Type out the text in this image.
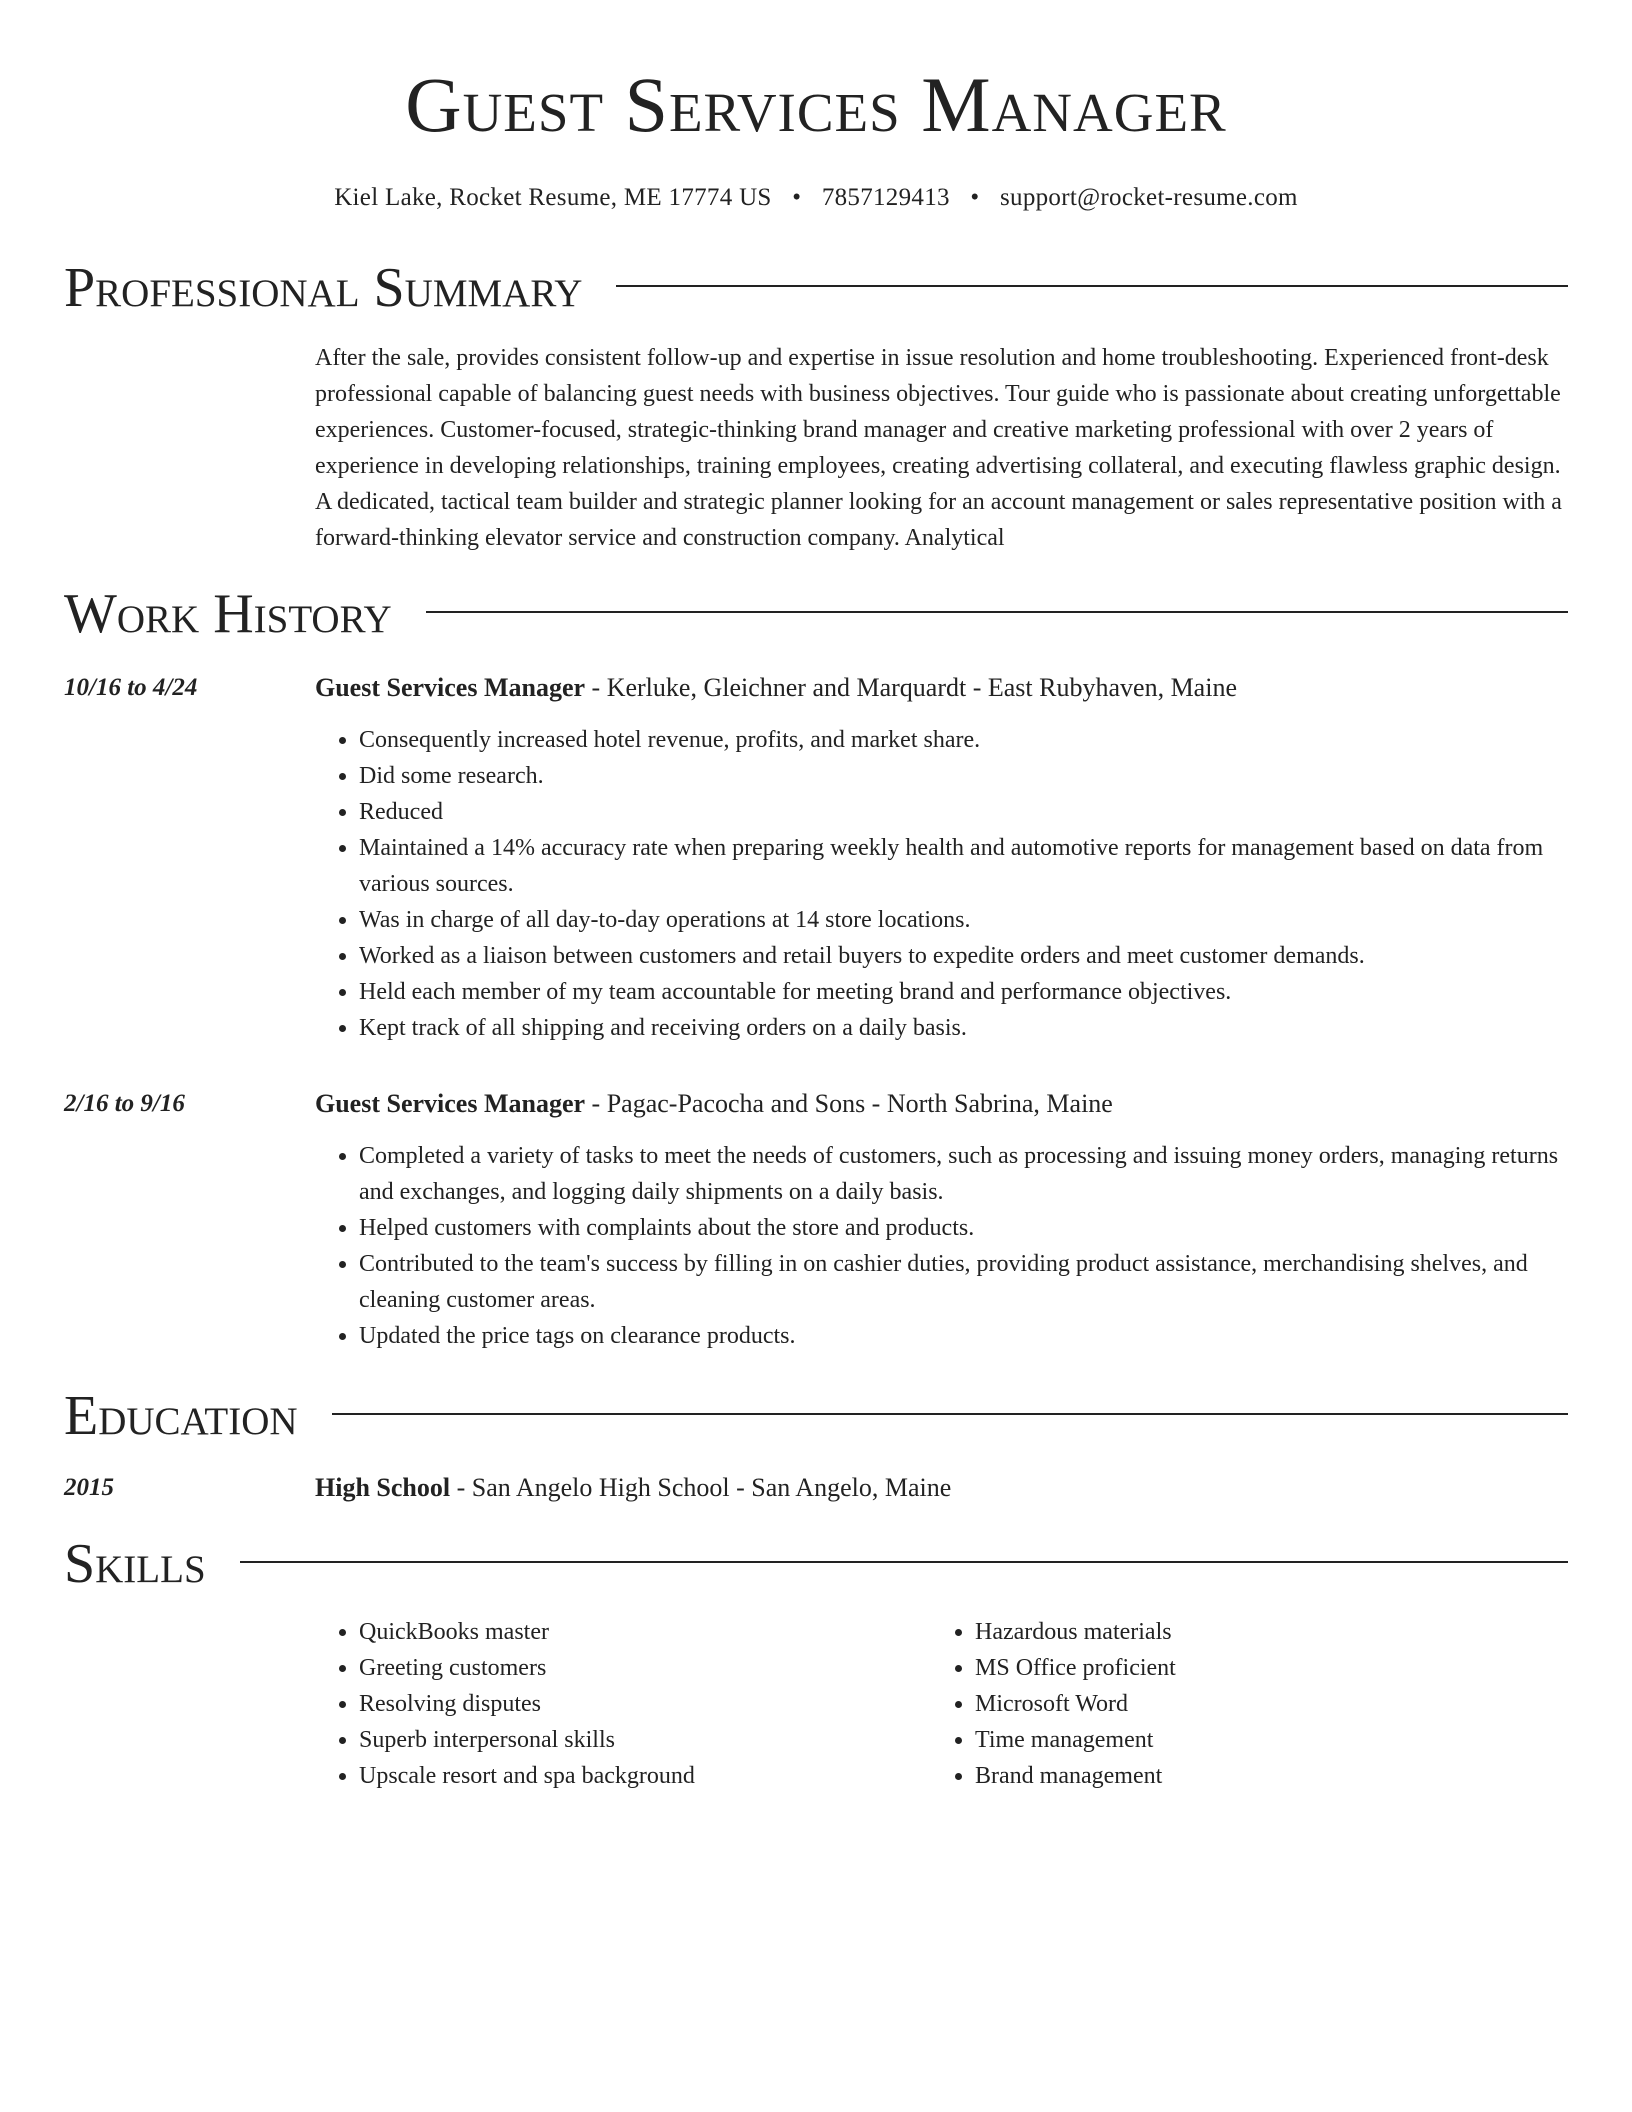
Guest Services Manager
Kiel Lake, Rocket Resume, ME 17774 US • 7857129413 • support@rocket-resume.com
Professional Summary
After the sale, provides consistent follow-up and expertise in issue resolution and home troubleshooting. Experienced front-desk professional capable of balancing guest needs with business objectives. Tour guide who is passionate about creating unforgettable experiences. Customer-focused, strategic-thinking brand manager and creative marketing professional with over 2 years of experience in developing relationships, training employees, creating advertising collateral, and executing flawless graphic design. A dedicated, tactical team builder and strategic planner looking for an account management or sales representative position with a forward-thinking elevator service and construction company. Analytical
Work History
10/16 to 4/24	Guest Services Manager - Kerluke, Gleichner and Marquardt - East Rubyhaven, Maine
• Consequently increased hotel revenue, profits, and market share.
• Did some research.
• Reduced
• Maintained a 14% accuracy rate when preparing weekly health and automotive reports for management based on data from various sources.
• Was in charge of all day-to-day operations at 14 store locations.
• Worked as a liaison between customers and retail buyers to expedite orders and meet customer demands.
• Held each member of my team accountable for meeting brand and performance objectives.
• Kept track of all shipping and receiving orders on a daily basis.
2/16 to 9/16	Guest Services Manager - Pagac-Pacocha and Sons - North Sabrina, Maine
• Completed a variety of tasks to meet the needs of customers, such as processing and issuing money orders, managing returns and exchanges, and logging daily shipments on a daily basis.
• Helped customers with complaints about the store and products.
• Contributed to the team's success by filling in on cashier duties, providing product assistance, merchandising shelves, and cleaning customer areas.
• Updated the price tags on clearance products.
Education
2015	High School - San Angelo High School - San Angelo, Maine
Skills
• QuickBooks master
• Greeting customers
• Resolving disputes
• Superb interpersonal skills
• Upscale resort and spa background
• Hazardous materials
• MS Office proficient
• Microsoft Word
• Time management
• Brand management
